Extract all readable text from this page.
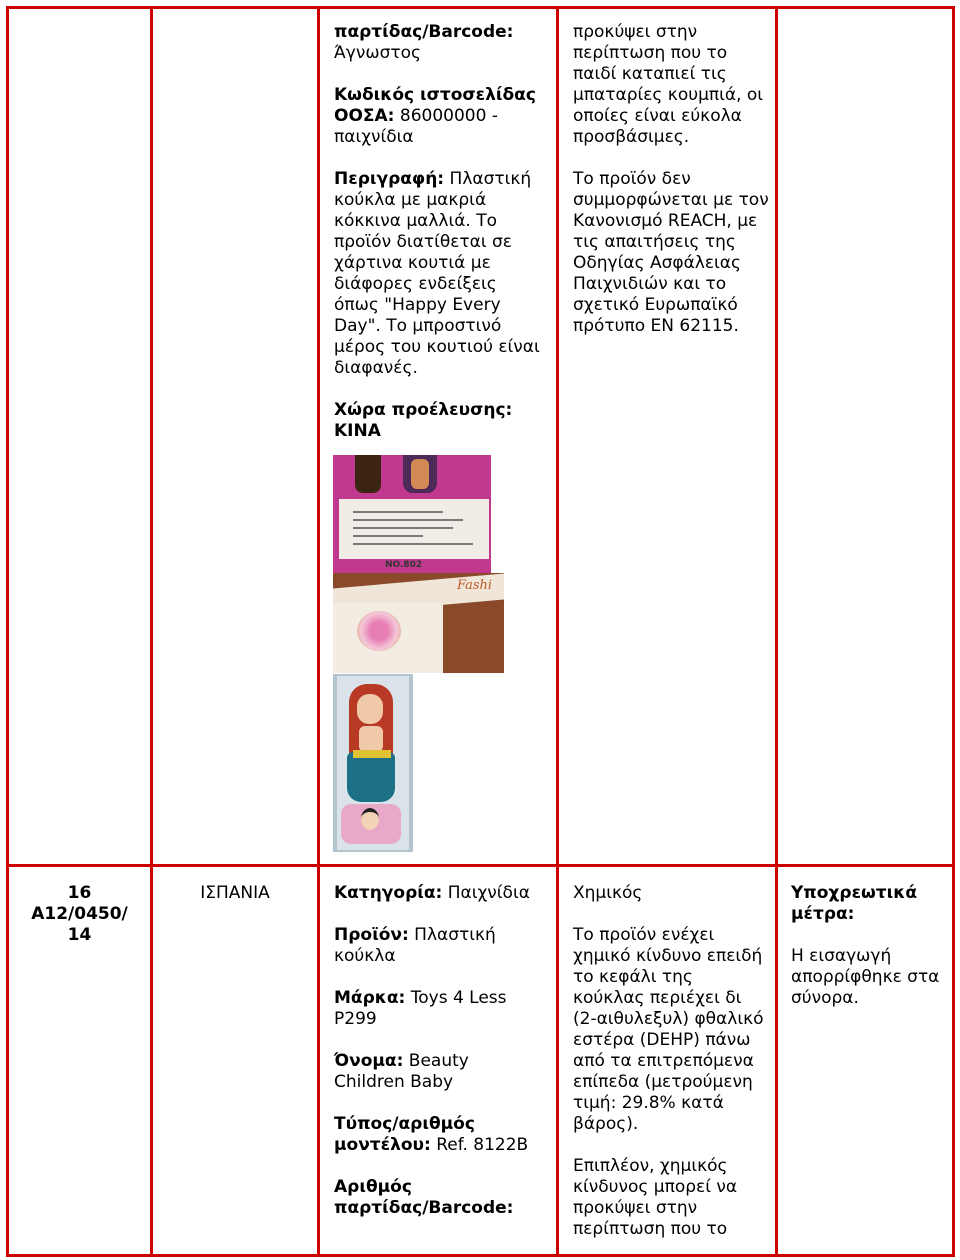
παρτίδας/Barcode:
Άγνωστος
Κωδικός ιστοσελίδας ΟΟΣΑ: 86000000 - παιχνίδια
Περιγραφή: Πλαστική κούκλα με μακριά κόκκινα μαλλιά. Το προϊόν διατίθεται σε χάρτινα κουτιά με διάφορες ενδείξεις όπως "Happy Every Day". Το μπροστινό μέρος του κουτιού είναι διαφανές.
Χώρα προέλευσης:
ΚΙΝΑ
NO.802
Fashi
προκύψει στην περίπτωση που το παιδί καταπιεί τις μπαταρίες κουμπιά, οι οποίες είναι εύκολα προσβάσιμες.
Το προϊόν δεν συμμορφώνεται με τον Κανονισμό REACH, με τις απαιτήσεις της Οδηγίας Ασφάλειας Παιχνιδιών και το σχετικό Ευρωπαϊκό πρότυπο EN 62115.
16
A12/0450/ 14
ΙΣΠΑΝΙΑ	Κατηγορία: Παιχνίδια
Προϊόν: Πλαστική κούκλα
Μάρκα: Toys 4 Less P299
Όνομα: Beauty Children Baby
Τύπος/αριθμός μοντέλου: Ref. 8122B
Αριθμός παρτίδας/Barcode:
Χημικός
Το προϊόν ενέχει χημικό κίνδυνο επειδή το κεφάλι της κούκλας περιέχει δι (2-αιθυλεξυλ) φθαλικό εστέρα (DEHP) πάνω από τα επιτρεπόμενα επίπεδα (μετρούμενη τιμή: 29.8% κατά βάρος).
Επιπλέον, χημικός κίνδυνος μπορεί να προκύψει στην περίπτωση που το
Υποχρεωτικά μέτρα:
Η εισαγωγή απορρίφθηκε στα σύνορα.
